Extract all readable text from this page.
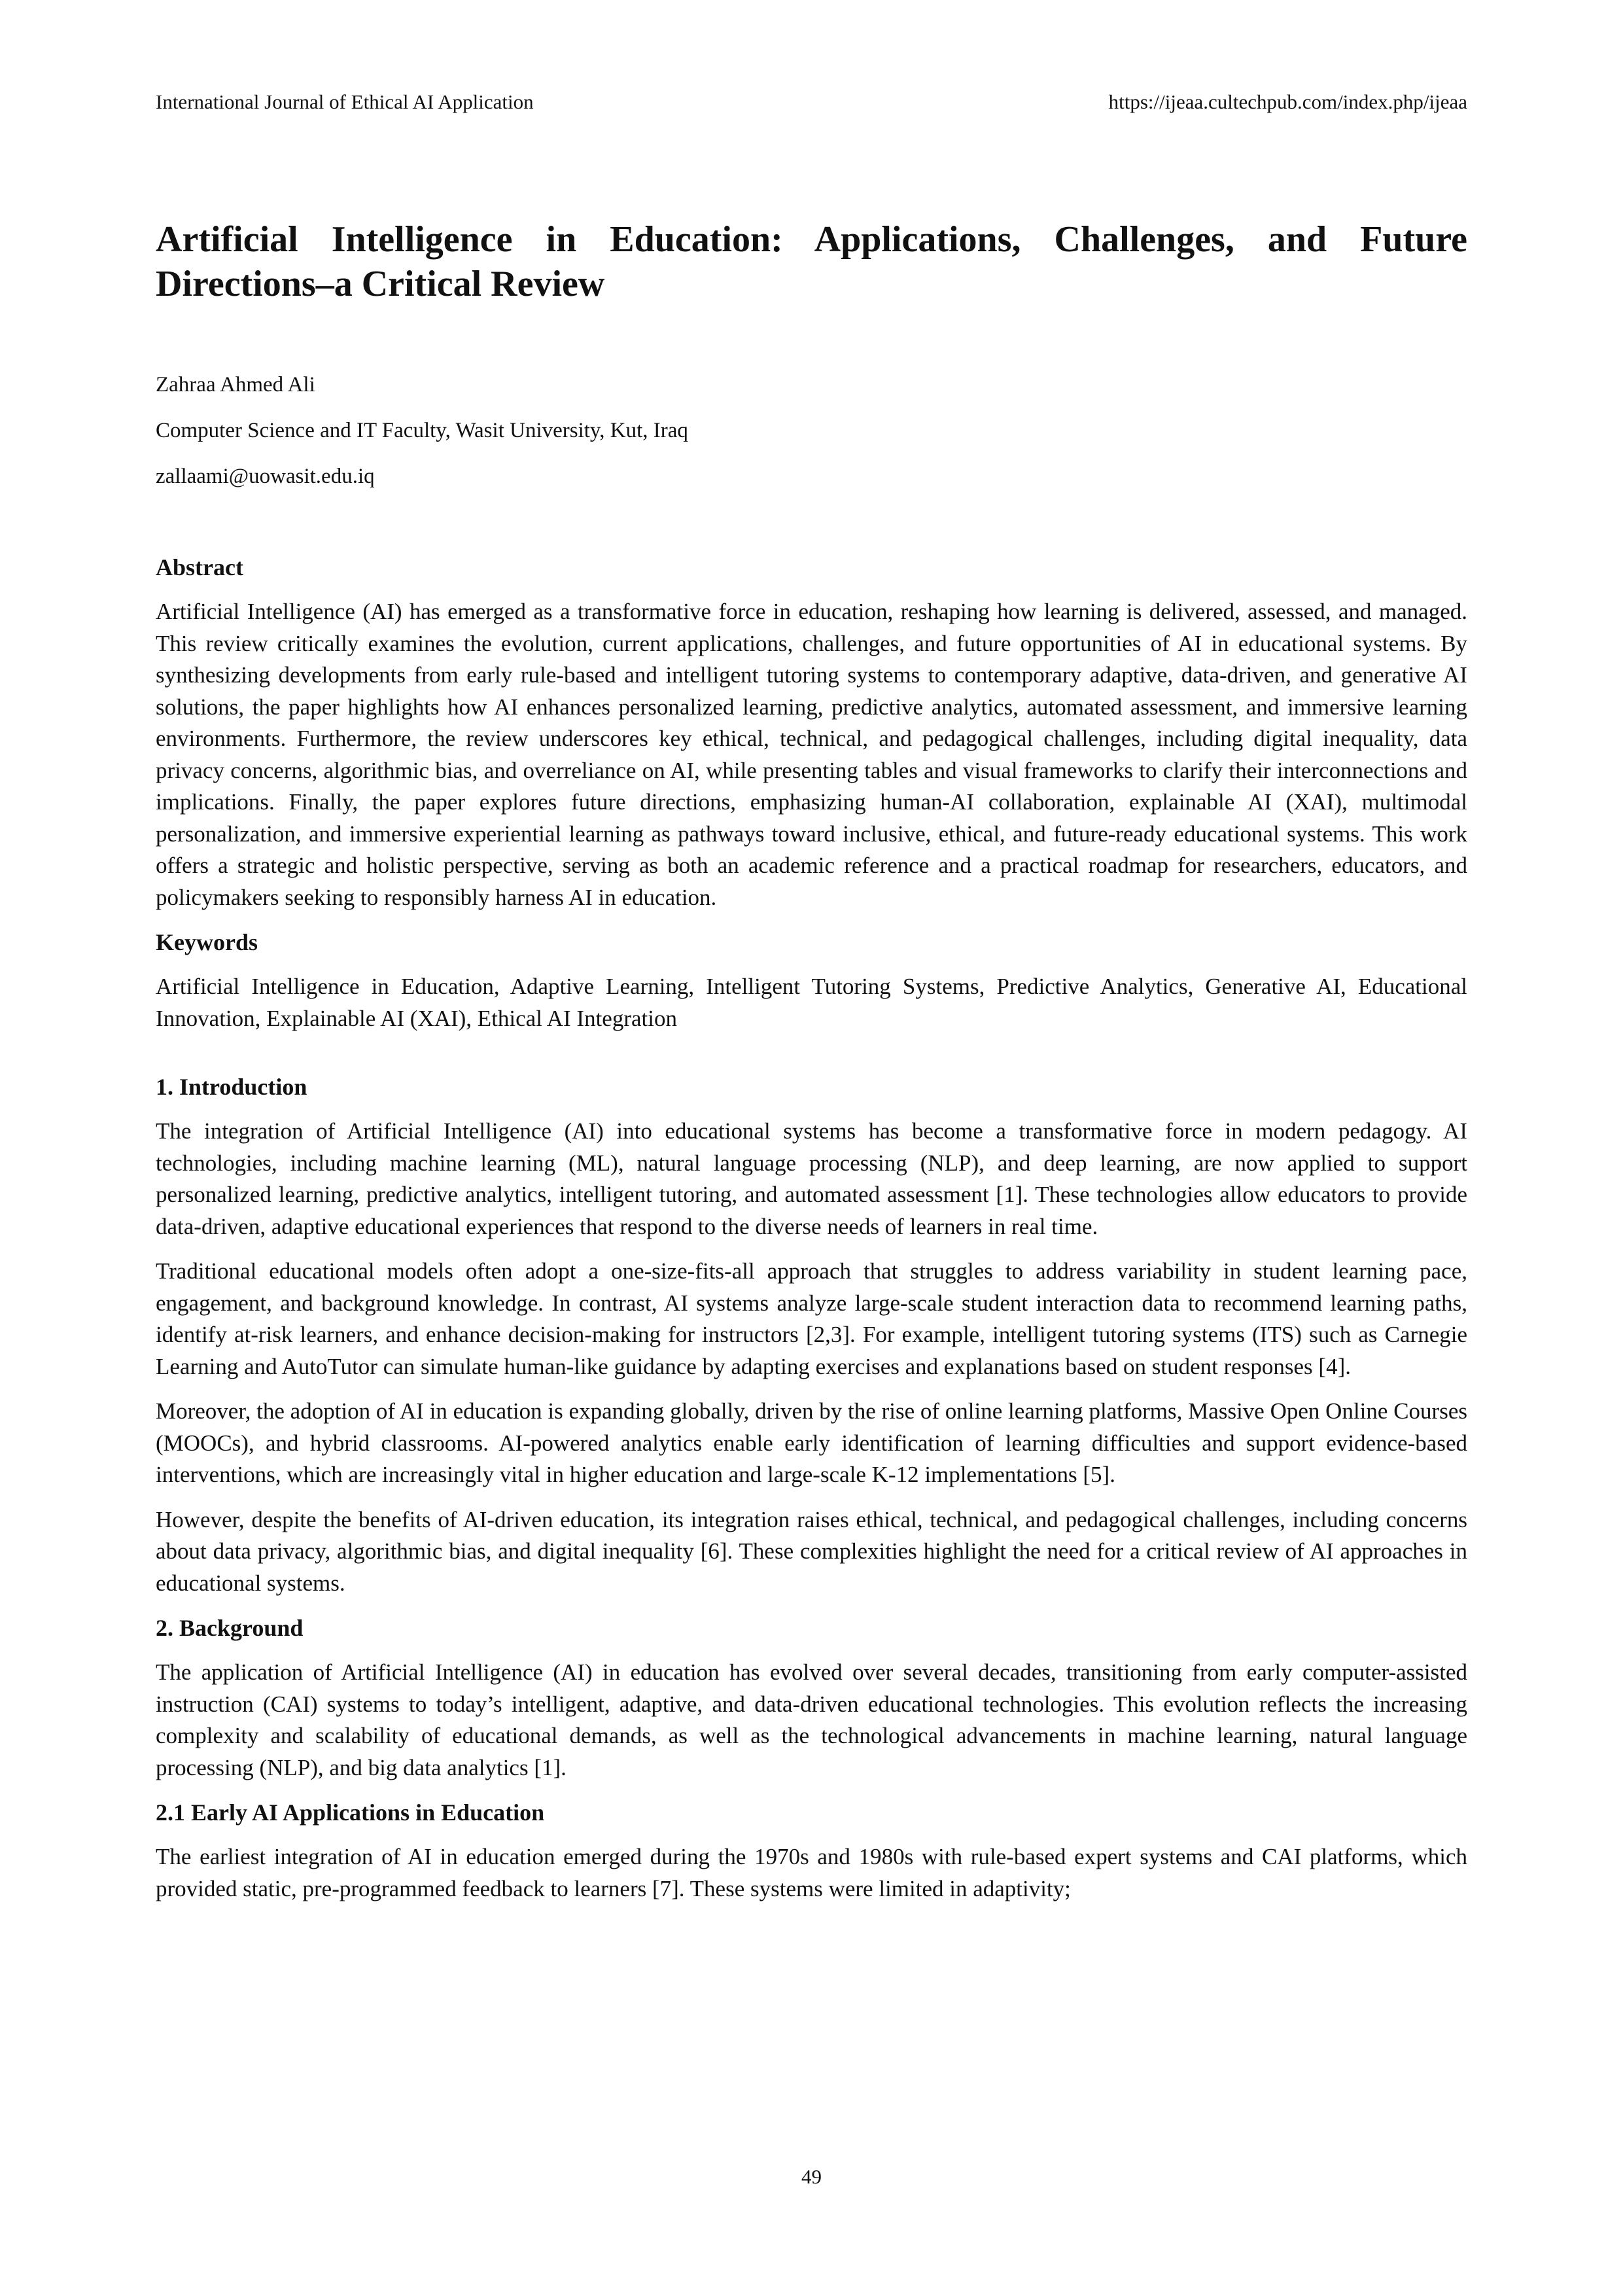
International Journal of Ethical AI Application	https://ijeaa.cultechpub.com/index.php/ijeaa
Artificial Intelligence in Education: Applications, Challenges, and Future Directions–a Critical Review
Zahraa Ahmed Ali
Computer Science and IT Faculty, Wasit University, Kut, Iraq
zallaami@uowasit.edu.iq
Abstract

Artificial Intelligence (AI) has emerged as a transformative force in education, reshaping how learning is delivered, assessed, and managed. This review critically examines the evolution, current applications, challenges, and future opportunities of AI in educational systems. By synthesizing developments from early rule-based and intelligent tutoring systems to contemporary adaptive, data-driven, and generative AI solutions, the paper highlights how AI enhances personalized learning, predictive analytics, automated assessment, and immersive learning environments. Furthermore, the review underscores key ethical, technical, and pedagogical challenges, including digital inequality, data privacy concerns, algorithmic bias, and overreliance on AI, while presenting tables and visual frameworks to clarify their interconnections and implications. Finally, the paper explores future directions, emphasizing human-AI collaboration, explainable AI (XAI), multimodal personalization, and immersive experiential learning as pathways toward inclusive, ethical, and future-ready educational systems. This work offers a strategic and holistic perspective, serving as both an academic reference and a practical roadmap for researchers, educators, and policymakers seeking to responsibly harness AI in education.

Keywords

Artificial Intelligence in Education, Adaptive Learning, Intelligent Tutoring Systems, Predictive Analytics, Generative AI, Educational Innovation, Explainable AI (XAI), Ethical AI Integration

1. Introduction

The integration of Artificial Intelligence (AI) into educational systems has become a transformative force in modern pedagogy. AI technologies, including machine learning (ML), natural language processing (NLP), and deep learning, are now applied to support personalized learning, predictive analytics, intelligent tutoring, and automated assessment [1]. These technologies allow educators to provide data-driven, adaptive educational experiences that respond to the diverse needs of learners in real time.

Traditional educational models often adopt a one-size-fits-all approach that struggles to address variability in student learning pace, engagement, and background knowledge. In contrast, AI systems analyze large-scale student interaction data to recommend learning paths, identify at-risk learners, and enhance decision-making for instructors [2,3]. For example, intelligent tutoring systems (ITS) such as Carnegie Learning and AutoTutor can simulate human-like guidance by adapting exercises and explanations based on student responses [4].

Moreover, the adoption of AI in education is expanding globally, driven by the rise of online learning platforms, Massive Open Online Courses (MOOCs), and hybrid classrooms. AI-powered analytics enable early identification of learning difficulties and support evidence-based interventions, which are increasingly vital in higher education and large-scale K-12 implementations [5].

However, despite the benefits of AI-driven education, its integration raises ethical, technical, and pedagogical challenges, including concerns about data privacy, algorithmic bias, and digital inequality [6]. These complexities highlight the need for a critical review of AI approaches in educational systems.

2. Background

The application of Artificial Intelligence (AI) in education has evolved over several decades, transitioning from early computer-assisted instruction (CAI) systems to today’s intelligent, adaptive, and data-driven educational technologies. This evolution reflects the increasing complexity and scalability of educational demands, as well as the technological advancements in machine learning, natural language processing (NLP), and big data analytics [1].

2.1 Early AI Applications in Education

The earliest integration of AI in education emerged during the 1970s and 1980s with rule-based expert systems and CAI platforms, which provided static, pre-programmed feedback to learners [7]. These systems were limited in adaptivity;

49
